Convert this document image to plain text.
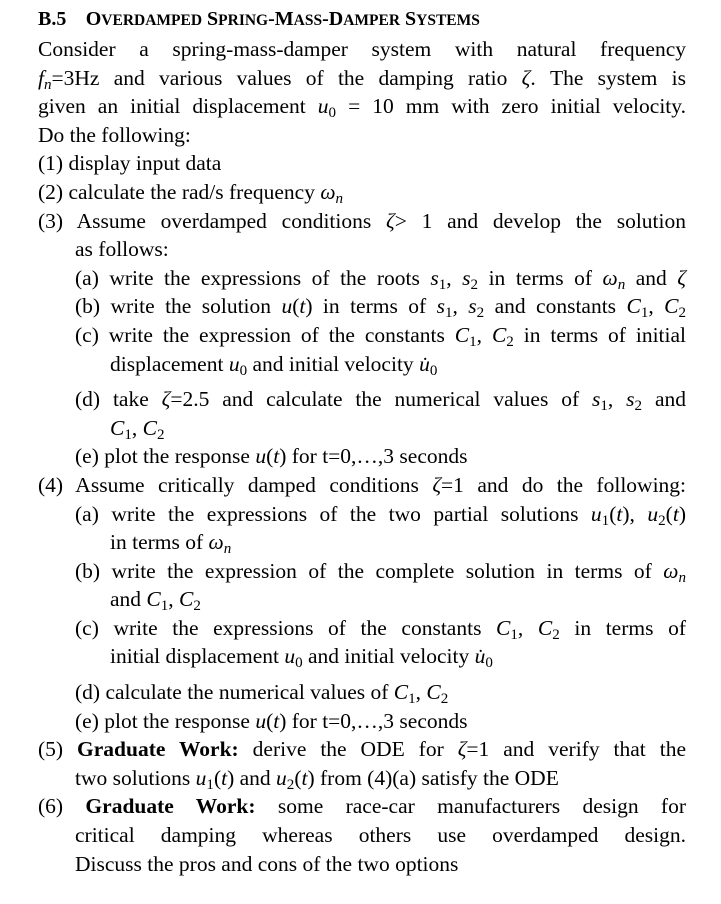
B.5 OVERDAMPED SPRING-MASS-DAMPER SYSTEMS
Consider a spring-mass-damper system with natural frequency
$f_n=3Hz$ and various values of the damping ratio ζ. The system is
given an initial displacement $u_0 = 10$ mm with zero initial velocity.
Do the following:
(1) display input data
(2) calculate the rad/s frequency $\omega_n$
(3) Assume overdamped conditions ζ> 1 and develop the solution
as follows:
(a) write the expressions of the roots $s_1$, $s_2$ in terms of $\omega_n$ and ζ
(b) write the solution u(t) in terms of $s_1$, $s_2$ and constants $C_1$, $C_2$
(c) write the expression of the constants $C_1$, $C_2$ in terms of initial
displacement $u_0$ and initial velocity $u̇_0$
(d) take ζ=2.5 and calculate the numerical values of $s_1$, $s_2$ and
$C_1$, $C_2$
(e) plot the response u(t) for t=0,…,3 seconds
(4) Assume critically damped conditions ζ=1 and do the following:
(a) write the expressions of the two partial solutions $u_1(t)$, $u_2(t)$
in terms of $\omega_n$
(b) write the expression of the complete solution in terms of $\omega_n$
and $C_1$, $C_2$
(c) write the expressions of the constants $C_1$, $C_2$ in terms of
initial displacement $u_0$ and initial velocity $u̇_0$
(d) calculate the numerical values of $C_1$, $C_2$
(e) plot the response u(t) for t=0,…,3 seconds
(5) Graduate Work: derive the ODE for ζ=1 and verify that the
two solutions $u_1(t)$ and $u_2(t)$ from (4)(a) satisfy the ODE
(6) Graduate Work: some race-car manufacturers design for
critical damping whereas others use overdamped design.
Discuss the pros and cons of the two options
